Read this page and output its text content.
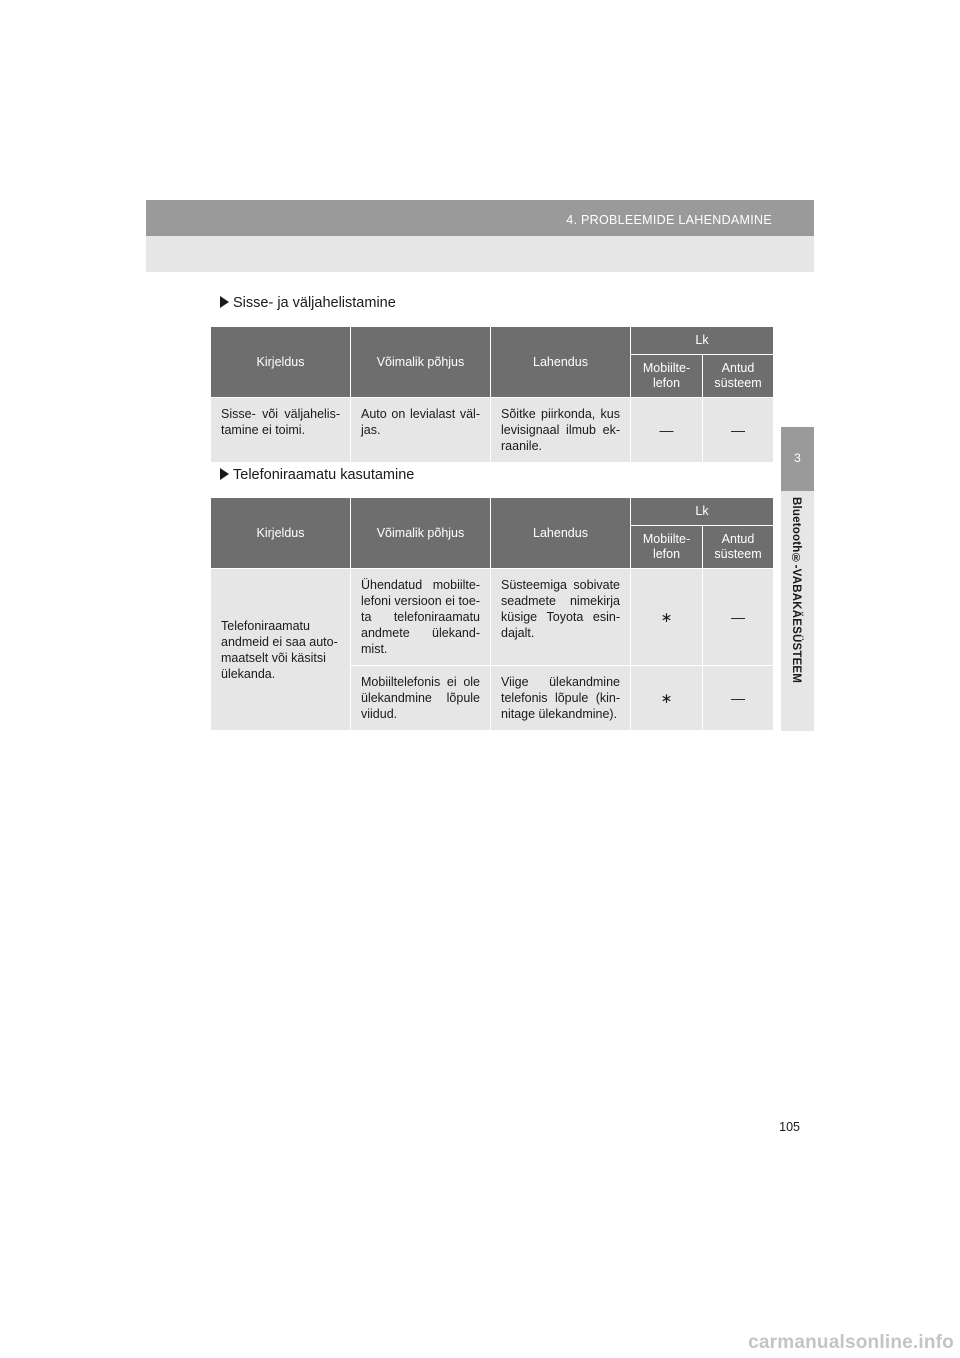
4. PROBLEEMIDE LAHENDAMINE
3
Bluetooth®-VABAKÄESÜSTEEM
Sisse- ja väljahelistamine
Kirjeldus	Võimalik põhjus	Lahendus	Lk	
			Mobiilte- lefon	Antud süsteem
Sisse- või väljahelis- tamine ei toimi.	Auto on levialast väl- jas.	Sõitke piirkonda, kus levisignaal ilmub ek- raanile.	—	—
Telefoniraamatu kasutamine
Kirjeldus	Võimalik põhjus	Lahendus	Lk	
			Mobiilte- lefon	Antud süsteem
Telefoniraamatu andmeid ei saa auto- maatselt või käsitsi ülekanda.	Ühendatud mobiilte- lefoni versioon ei toe- ta telefoniraamatu andmete ülekand- mist.	Süsteemiga sobivate seadmete nimekirja küsige Toyota esin- dajalt.	∗	—
	Mobiiltelefonis ei ole ülekandmine lõpule viidud.	Viige ülekandmine telefonis lõpule (kin- nitage ülekandmine).	∗	—
105
carmanualsonline.info
